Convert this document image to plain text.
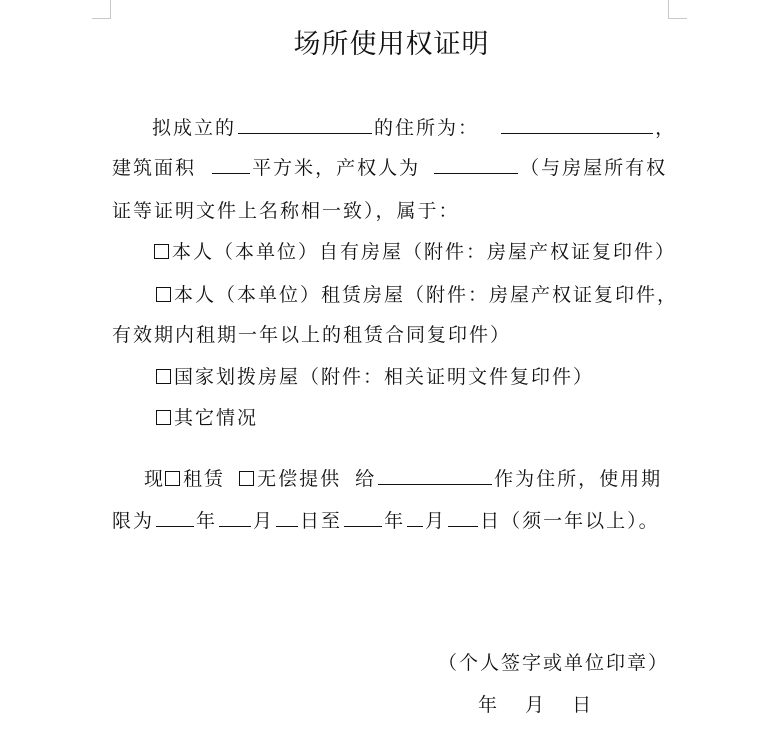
场所使用权证明
拟成立的	的住所为：	，
建筑面积	平方米，产权人为	（与房屋所有权
证等证明文件上名称相一致），属于：
本人（本单位）自有房屋（附件：房屋产权证复印件）
本人（本单位）租赁房屋（附件：房屋产权证复印件，
有效期内租期一年以上的租赁合同复印件）
国家划拨房屋（附件：相关证明文件复印件）
其它情况
现 租赁 无偿提供 给	作为住所，使用期
限为 年 月 日至 年 月 日（须一年以上）。
（个人签字或单位印章）
年 月 日
